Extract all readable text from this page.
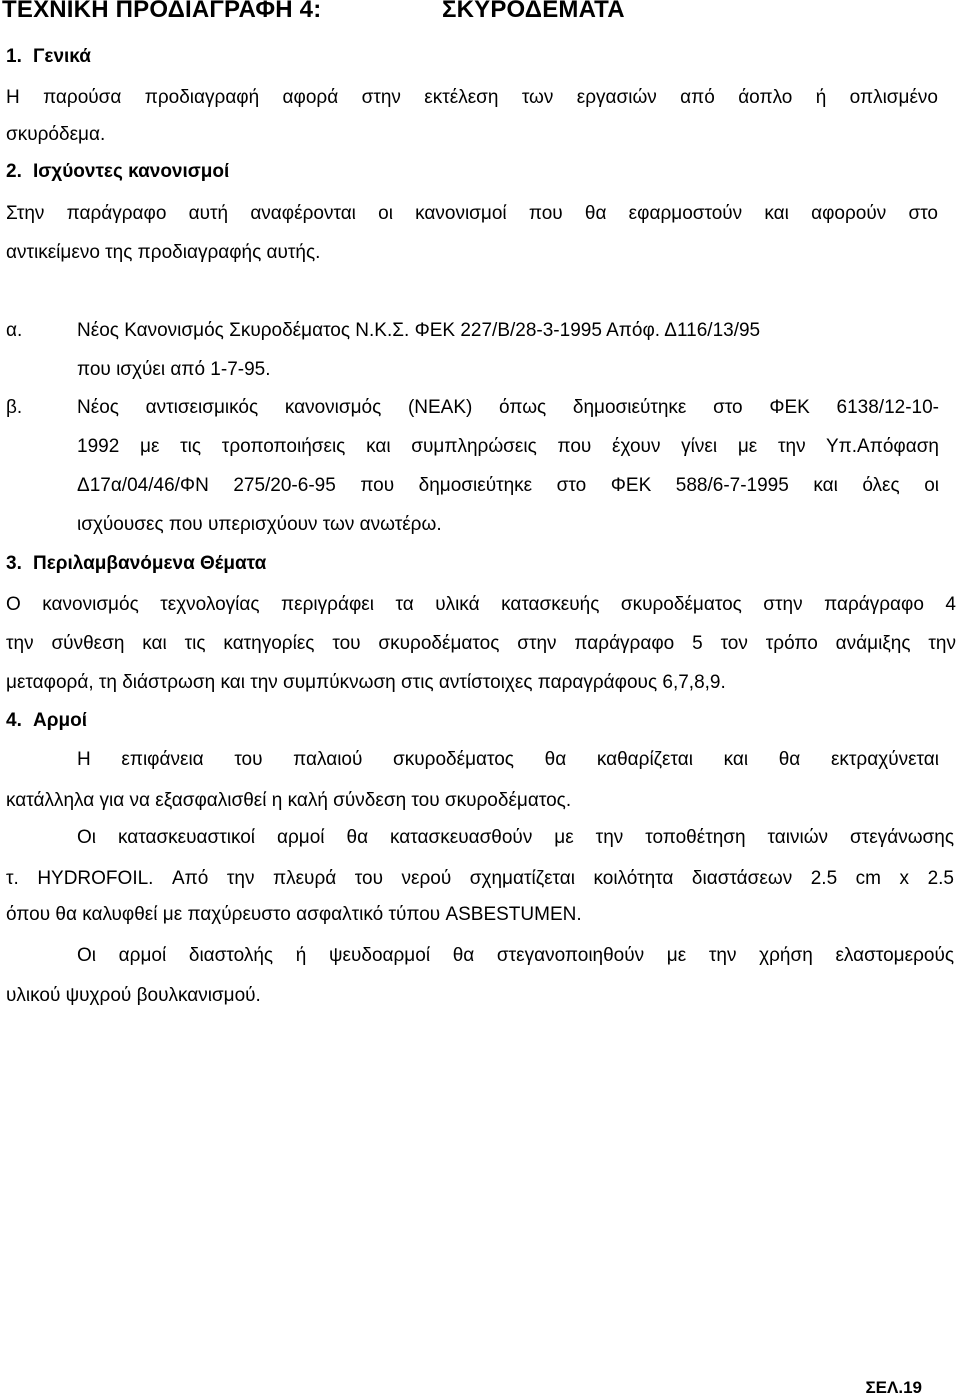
ΤΕΧΝΙΚΗ ΠΡΟΔΙΑΓΡΑΦΗ 4:	ΣΚΥΡΟΔΕΜΑΤΑ
1. Γενικά
Η παρούσα προδιαγραφή αφορά στην εκτέλεση των εργασιών από άοπλο ή οπλισμένο
σκυρόδεμα.
2. Ισχύοντες κανονισμοί
Στην παράγραφο αυτή αναφέρονται οι κανονισμοί που θα εφαρμοστούν και αφορούν στο
αντικείμενο της προδιαγραφής αυτής.
α.	Νέος Κανονισμός Σκυροδέματος Ν.Κ.Σ. ΦΕΚ 227/Β/28-3-1995 Απόφ. Δ116/13/95
που ισχύει από 1-7-95.
β.	Νέος αντισεισμικός κανονισμός (ΝΕΑΚ) όπως δημοσιεύτηκε στο ΦΕΚ 6138/12-10-
1992 με τις τροποποιήσεις και συμπληρώσεις που έχουν γίνει με την Υπ.Απόφαση
Δ17α/04/46/ΦΝ 275/20-6-95 που δημοσιεύτηκε στο ΦΕΚ 588/6-7-1995 και όλες οι
ισχύουσες που υπερισχύουν των ανωτέρω.
3. Περιλαμβανόμενα Θέματα
Ο κανονισμός τεχνολογίας περιγράφει τα υλικά κατασκευής σκυροδέματος στην παράγραφο 4
την σύνθεση και τις κατηγορίες του σκυροδέματος στην παράγραφο 5 τον τρόπο ανάμιξης την
μεταφορά, τη διάστρωση και την συμπύκνωση στις αντίστοιχες παραγράφους 6,7,8,9.
4. Αρμοί
Η επιφάνεια του παλαιού σκυροδέματος θα καθαρίζεται και θα εκτραχύνεται
κατάλληλα για να εξασφαλισθεί η καλή σύνδεση του σκυροδέματος.
Οι κατασκευαστικοί αρμοί θα κατασκευασθούν με την τοποθέτηση ταινιών στεγάνωσης
τ. HYDROFOIL. Από την πλευρά του νερού σχηματίζεται κοιλότητα διαστάσεων 2.5 cm x 2.5
όπου θα καλυφθεί με παχύρευστο ασφαλτικό τύπου ASBESTUMEN.
Οι αρμοί διαστολής ή ψευδοαρμοί θα στεγανοποιηθούν με την χρήση ελαστομερούς
υλικού ψυχρού βουλκανισμού.
ΣΕΛ.19
